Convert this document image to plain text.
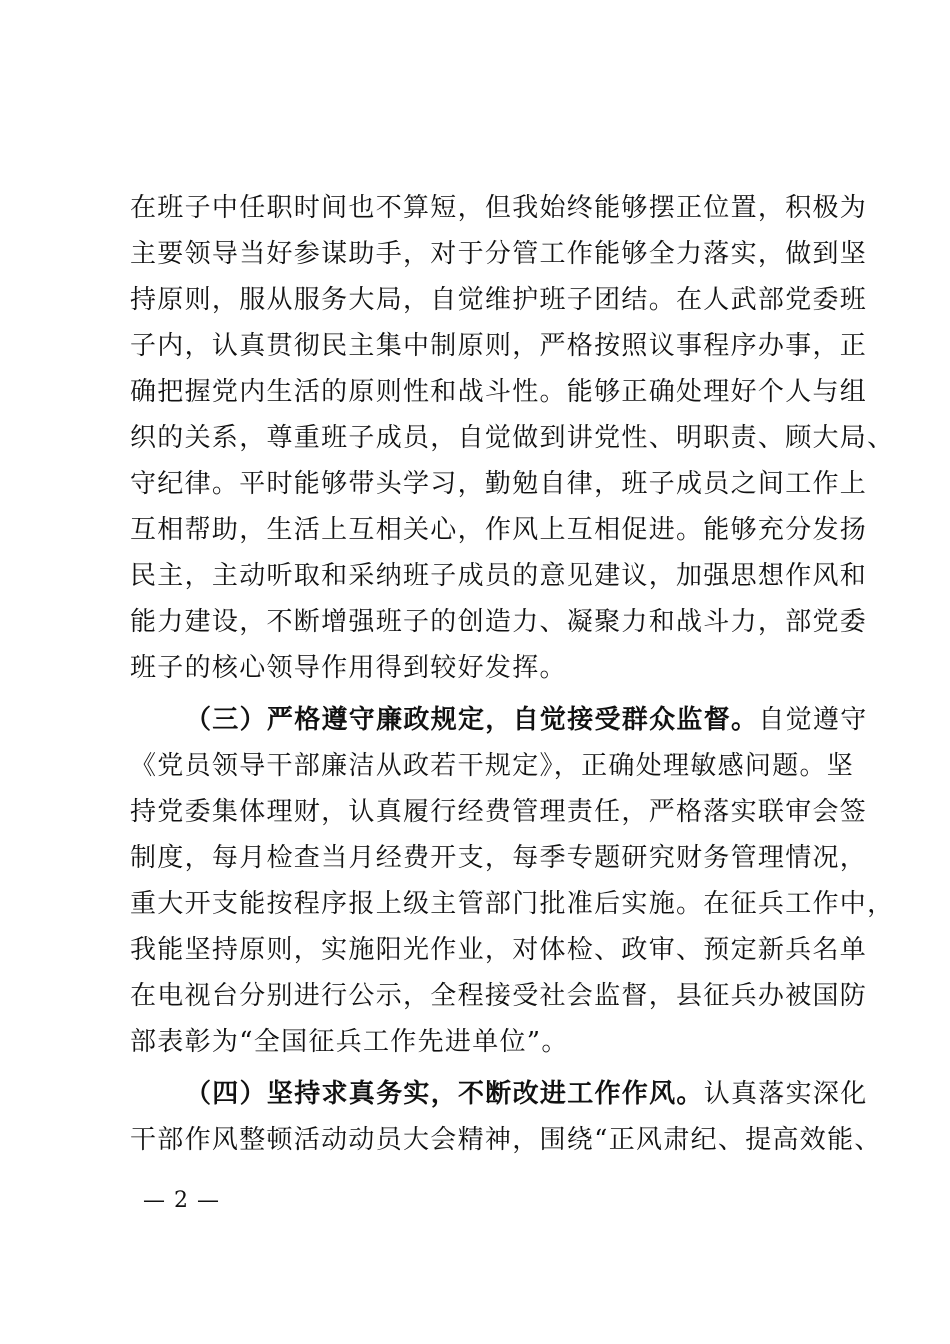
在班子中任职时间也不算短，但我始终能够摆正位置，积极为
主要领导当好参谋助手，对于分管工作能够全力落实，做到坚
持原则，服从服务大局，自觉维护班子团结。在人武部党委班
子内，认真贯彻民主集中制原则，严格按照议事程序办事，正
确把握党内生活的原则性和战斗性。能够正确处理好个人与组
织的关系，尊重班子成员，自觉做到讲党性、明职责、顾大局、
守纪律。平时能够带头学习，勤勉自律，班子成员之间工作上
互相帮助，生活上互相关心，作风上互相促进。能够充分发扬
民主，主动听取和采纳班子成员的意见建议，加强思想作风和
能力建设，不断增强班子的创造力、凝聚力和战斗力，部党委
班子的核心领导作用得到较好发挥。
（三）严格遵守廉政规定，自觉接受群众监督。自觉遵守
《党员领导干部廉洁从政若干规定》，正确处理敏感问题。坚
持党委集体理财，认真履行经费管理责任，严格落实联审会签
制度，每月检查当月经费开支，每季专题研究财务管理情况，
重大开支能按程序报上级主管部门批准后实施。在征兵工作中，
我能坚持原则，实施阳光作业，对体检、政审、预定新兵名单
在电视台分别进行公示，全程接受社会监督，县征兵办被国防
部表彰为“全国征兵工作先进单位”。
（四）坚持求真务实，不断改进工作作风。认真落实深化
干部作风整顿活动动员大会精神，围绕“正风肃纪、提高效能、
— 2 —
